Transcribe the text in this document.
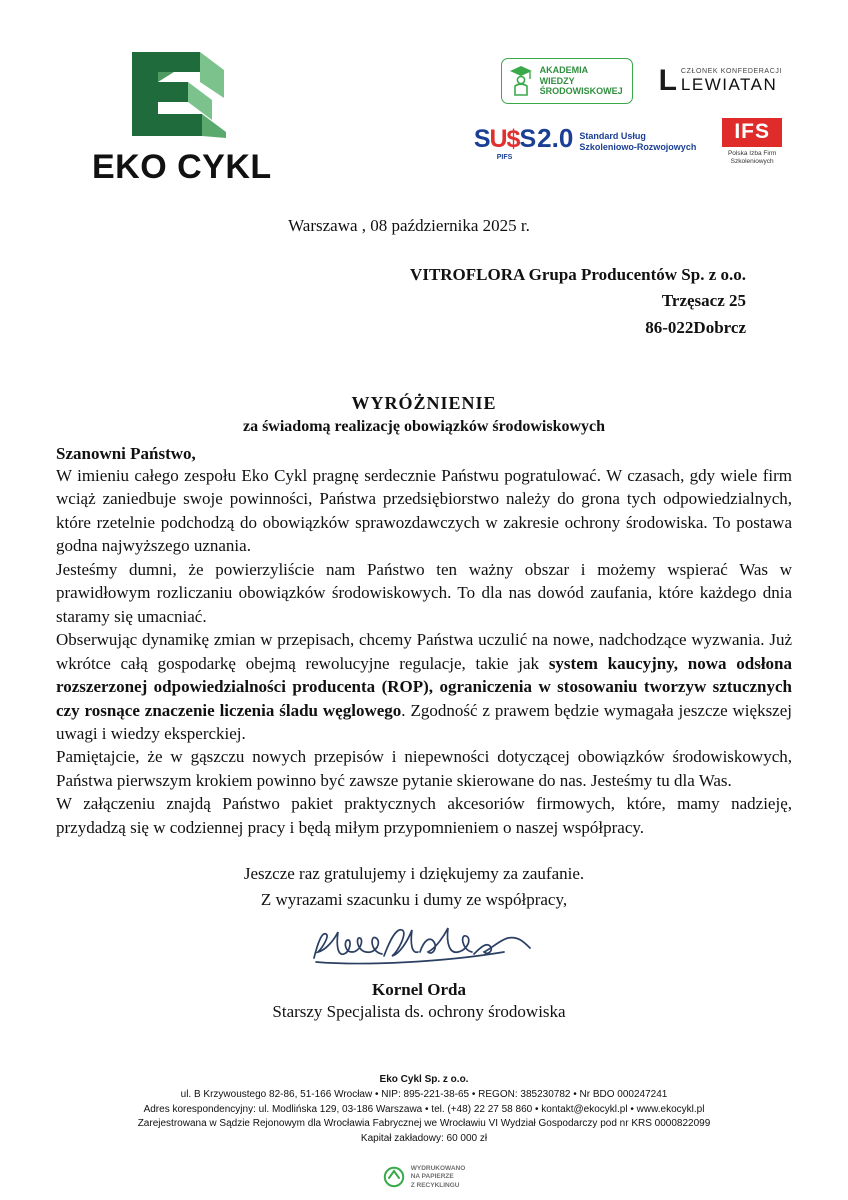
EKO CYKL
AKADEMIA
WIEDZY
ŚRODOWISKOWEJ L CZŁONEK KONFEDERACJI
LEWIATAN
SU$S
PIFS
2.0 Standard Usług
Szkoleniowo-Rozwojowych
IFS
Polska Izba Firm
Szkoleniowych
Warszawa , 08 października 2025 r.
VITROFLORA Grupa Producentów Sp. z o.o.
Trzęsacz 25
86-022Dobrcz
WYRÓŻNIENIE
za świadomą realizację obowiązków środowiskowych
Szanowni Państwo,

W imieniu całego zespołu Eko Cykl pragnę serdecznie Państwu pogratulować. W czasach, gdy wiele firm wciąż zaniedbuje swoje powinności, Państwa przedsiębiorstwo należy do grona tych odpowiedzialnych, które rzetelnie podchodzą do obowiązków sprawozdawczych w zakresie ochrony środowiska. To postawa godna najwyższego uznania.

Jesteśmy dumni, że powierzyliście nam Państwo ten ważny obszar i możemy wspierać Was w prawidłowym rozliczaniu obowiązków środowiskowych. To dla nas dowód zaufania, które każdego dnia staramy się umacniać.

Obserwując dynamikę zmian w przepisach, chcemy Państwa uczulić na nowe, nadchodzące wyzwania. Już wkrótce całą gospodarkę obejmą rewolucyjne regulacje, takie jak system kaucyjny, nowa odsłona rozszerzonej odpowiedzialności producenta (ROP), ograniczenia w stosowaniu tworzyw sztucznych czy rosnące znaczenie liczenia śladu węglowego. Zgodność z prawem będzie wymagała jeszcze większej uwagi i wiedzy eksperckiej.

Pamiętajcie, że w gąszczu nowych przepisów i niepewności dotyczącej obowiązków środowiskowych, Państwa pierwszym krokiem powinno być zawsze pytanie skierowane do nas. Jesteśmy tu dla Was.

W załączeniu znajdą Państwo pakiet praktycznych akcesoriów firmowych, które, mamy nadzieję, przydadzą się w codziennej pracy i będą miłym przypomnieniem o naszej współpracy.

Jeszcze raz gratulujemy i dziękujemy za zaufanie.
Z wyrazami szacunku i dumy ze współpracy,
Kornel Orda
Starszy Specjalista ds. ochrony środowiska
Eko Cykl Sp. z o.o.
ul. B Krzywoustego 82-86, 51-166 Wrocław • NIP: 895-221-38-65 • REGON: 385230782 • Nr BDO 000247241
Adres korespondencyjny: ul. Modlińska 129, 03-186 Warszawa • tel. (+48) 22 27 58 860 • kontakt@ekocykl.pl • www.ekocykl.pl
Zarejestrowana w Sądzie Rejonowym dla Wrocławia Fabrycznej we Wrocławiu VI Wydział Gospodarczy pod nr KRS 0000822099
Kapitał zakładowy: 60 000 zł
WYDRUKOWANO
NA PAPIERZE
Z RECYKLINGU
